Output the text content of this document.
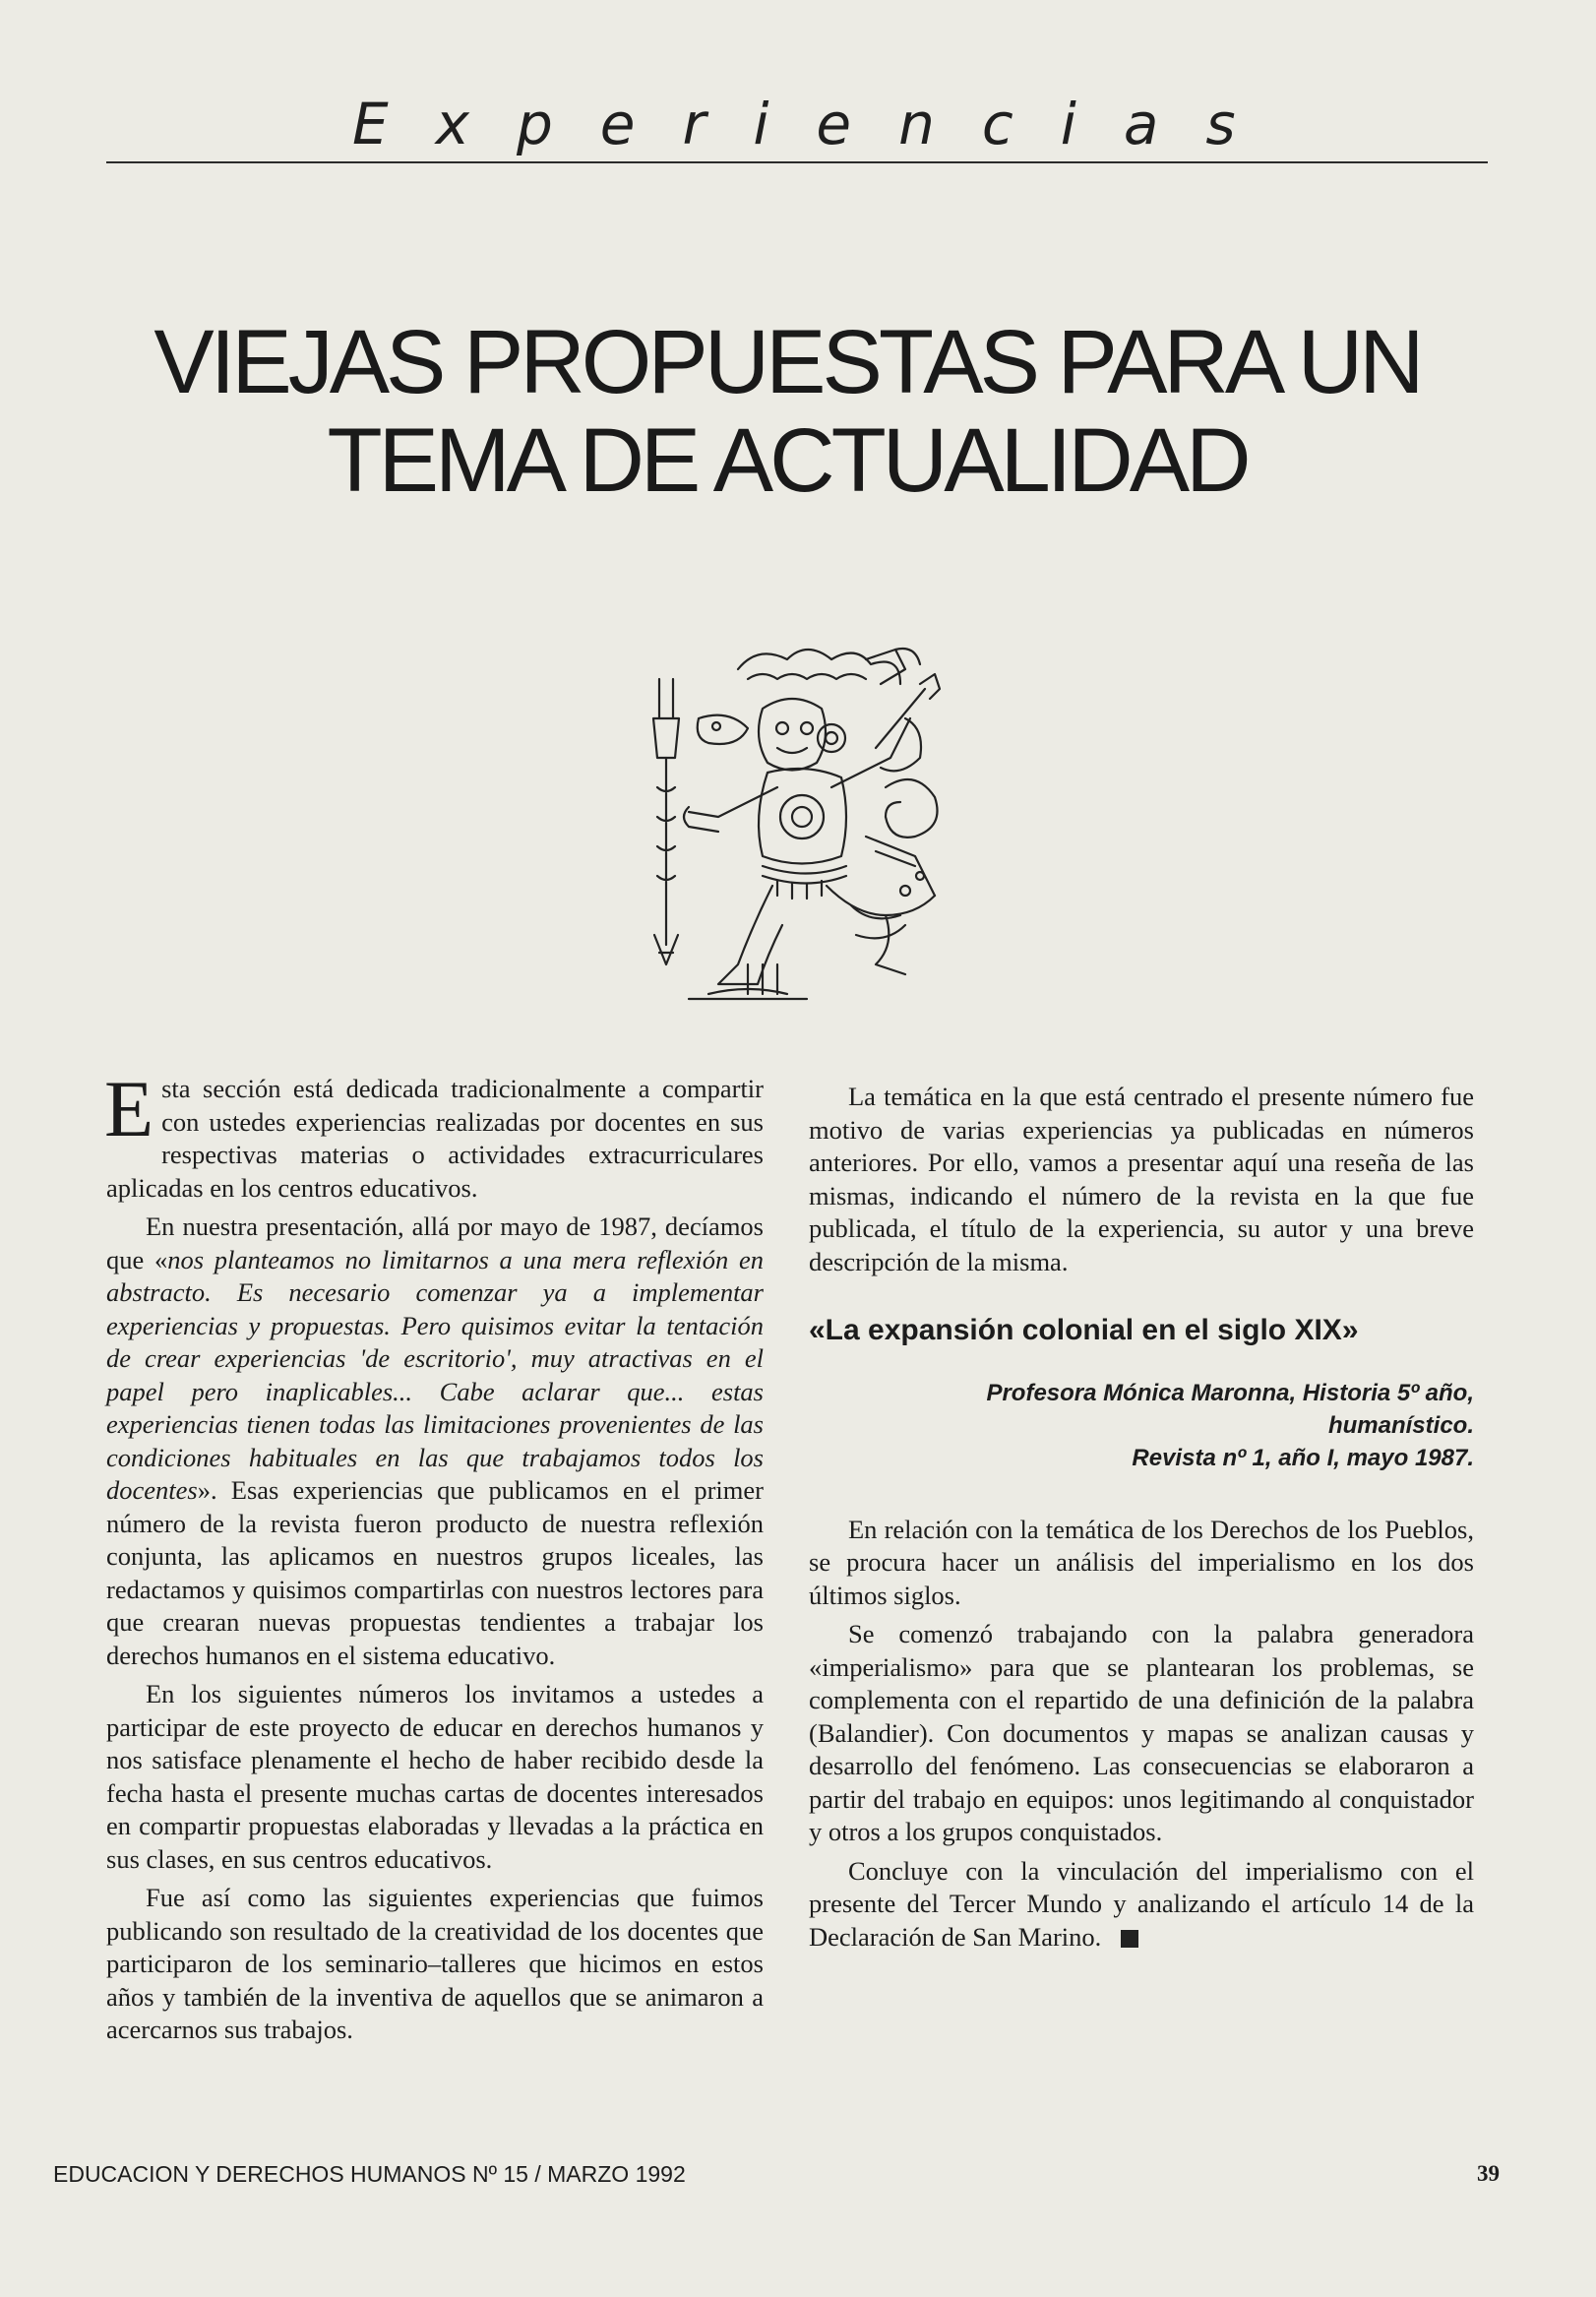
Experiencias
VIEJAS PROPUESTAS PARA UN
TEMA DE ACTUALIDAD

Esta sección está dedicada tradicionalmente a compartir con ustedes experiencias realizadas por docentes en sus respectivas materias o actividades extracurriculares aplicadas en los centros educativos.

En nuestra presentación, allá por mayo de 1987, decíamos que «nos planteamos no limitarnos a una mera reflexión en abstracto. Es necesario comenzar ya a implementar experiencias y propuestas. Pero quisimos evitar la tentación de crear experiencias 'de escritorio', muy atractivas en el papel pero inaplicables... Cabe aclarar que... estas experiencias tienen todas las limitaciones provenientes de las condiciones habituales en las que trabajamos todos los docentes». Esas experiencias que publicamos en el primer número de la revista fueron producto de nuestra reflexión conjunta, las aplicamos en nuestros grupos liceales, las redactamos y quisimos compartirlas con nuestros lectores para que crearan nuevas propuestas tendientes a trabajar los derechos humanos en el sistema educativo.

En los siguientes números los invitamos a ustedes a participar de este proyecto de educar en derechos humanos y nos satisface plenamente el hecho de haber recibido desde la fecha hasta el presente muchas cartas de docentes interesados en compartir propuestas elaboradas y llevadas a la práctica en sus clases, en sus centros educativos.

Fue así como las siguientes experiencias que fuimos publicando son resultado de la creatividad de los docentes que participaron de los seminario–talleres que hicimos en estos años y también de la inventiva de aquellos que se animaron a acercarnos sus trabajos.

La temática en la que está centrado el presente número fue motivo de varias experiencias ya publicadas en números anteriores. Por ello, vamos a presentar aquí una reseña de las mismas, indicando el número de la revista en la que fue publicada, el título de la experiencia, su autor y una breve descripción de la misma.

«La expansión colonial en el siglo XIX»
Profesora Mónica Maronna, Historia 5º año,
humanístico.
Revista nº 1, año I, mayo 1987.

En relación con la temática de los Derechos de los Pueblos, se procura hacer un análisis del imperialismo en los dos últimos siglos.

Se comenzó trabajando con la palabra generadora «imperialismo» para que se plantearan los problemas, se complementa con el repartido de una definición de la palabra (Balandier). Con documentos y mapas se analizan causas y desarrollo del fenómeno. Las consecuencias se elaboraron a partir del trabajo en equipos: unos legitimando al conquistador y otros a los grupos conquistados.

Concluye con la vinculación del imperialismo con el presente del Tercer Mundo y analizando el artículo 14 de la Declaración de San Marino.

EDUCACION Y DERECHOS HUMANOS Nº 15 / MARZO 1992	39
